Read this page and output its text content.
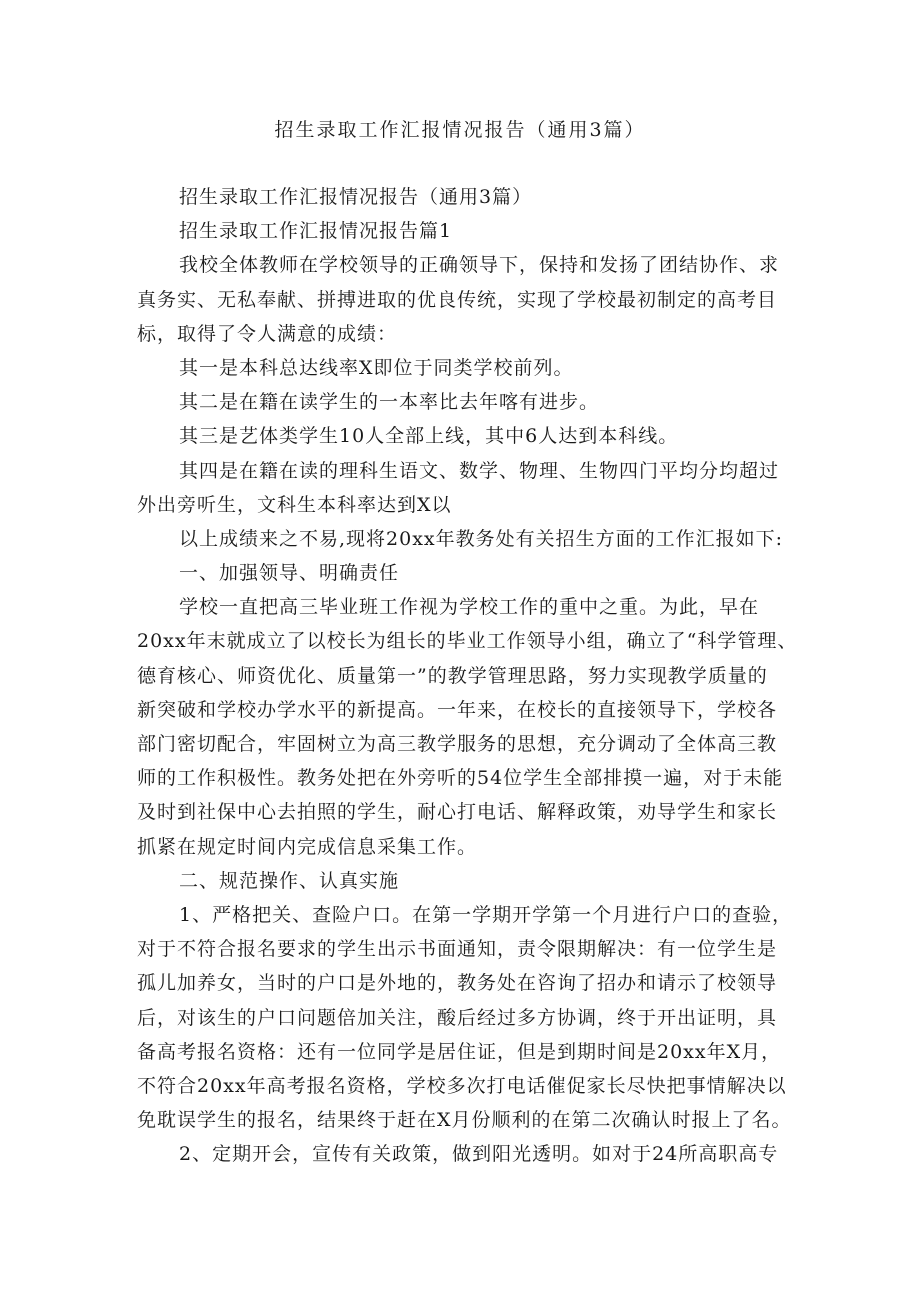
招生录取工作汇报情况报告（通用3篇）
招生录取工作汇报情况报告（通用3篇）
招生录取工作汇报情况报告篇1
我校全体教师在学校领导的正确领导下，保持和发扬了团结协作、求
真务实、无私奉献、拼搏进取的优良传统，实现了学校最初制定的高考目
标，取得了令人满意的成绩：
其一是本科总达线率X即位于同类学校前列。
其二是在籍在读学生的一本率比去年喀有进步。
其三是艺体类学生10人全部上线，其中6人达到本科线。
其四是在籍在读的理科生语文、数学、物理、生物四门平均分均超过
外出旁听生，文科生本科率达到X以
以上成绩来之不易,现将20xx年教务处有关招生方面的工作汇报如下:
一、加强领导、明确责任
学校一直把高三毕业班工作视为学校工作的重中之重。为此，早在
20xx年末就成立了以校长为组长的毕业工作领导小组，确立了“科学管理、
德育核心、师资优化、质量第一”的教学管理思路，努力实现教学质量的
新突破和学校办学水平的新提高。一年来，在校长的直接领导下，学校各
部门密切配合，牢固树立为高三教学服务的思想，充分调动了全体高三教
师的工作积极性。教务处把在外旁听的54位学生全部排摸一遍，对于未能
及时到社保中心去拍照的学生，耐心打电话、解释政策，劝导学生和家长
抓紧在规定时间内完成信息采集工作。
二、规范操作、认真实施
1、严格把关、查险户口。在第一学期开学第一个月进行户口的查验，
对于不符合报名要求的学生出示书面通知，责令限期解决：有一位学生是
孤儿加养女，当时的户口是外地的，教务处在咨询了招办和请示了校领导
后，对该生的户口问题倍加关注，酸后经过多方协调，终于开出证明，具
备高考报名资格：还有一位同学是居住证，但是到期时间是20xx年X月，
不符合20xx年高考报名资格，学校多次打电话催促家长尽快把事情解决以
免耽误学生的报名，结果终于赶在X月份顺利的在第二次确认时报上了名。
2、定期开会，宣传有关政策，做到阳光透明。如对于24所高职高专
